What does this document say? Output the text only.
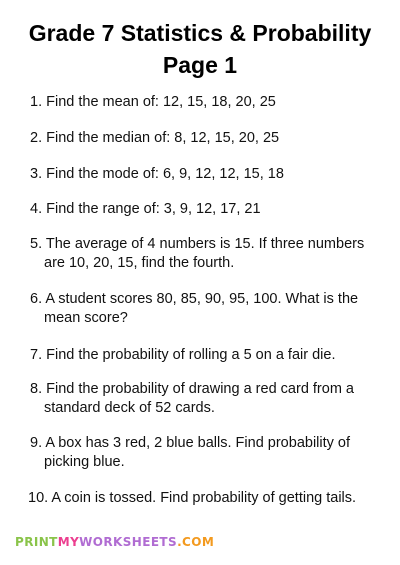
Grade 7 Statistics & Probability
Page 1
1. Find the mean of: 12, 15, 18, 20, 25
2. Find the median of: 8, 12, 15, 20, 25
3. Find the mode of: 6, 9, 12, 12, 15, 18
4. Find the range of: 3, 9, 12, 17, 21
5. The average of 4 numbers is 15. If three numbers
are 10, 20, 15, find the fourth.
6. A student scores 80, 85, 90, 95, 100. What is the
mean score?
7. Find the probability of rolling a 5 on a fair die.
8. Find the probability of drawing a red card from a
standard deck of 52 cards.
9. A box has 3 red, 2 blue balls. Find probability of
picking blue.
10. A coin is tossed. Find probability of getting tails.
PRINTMYWORKSHEETS.COM
